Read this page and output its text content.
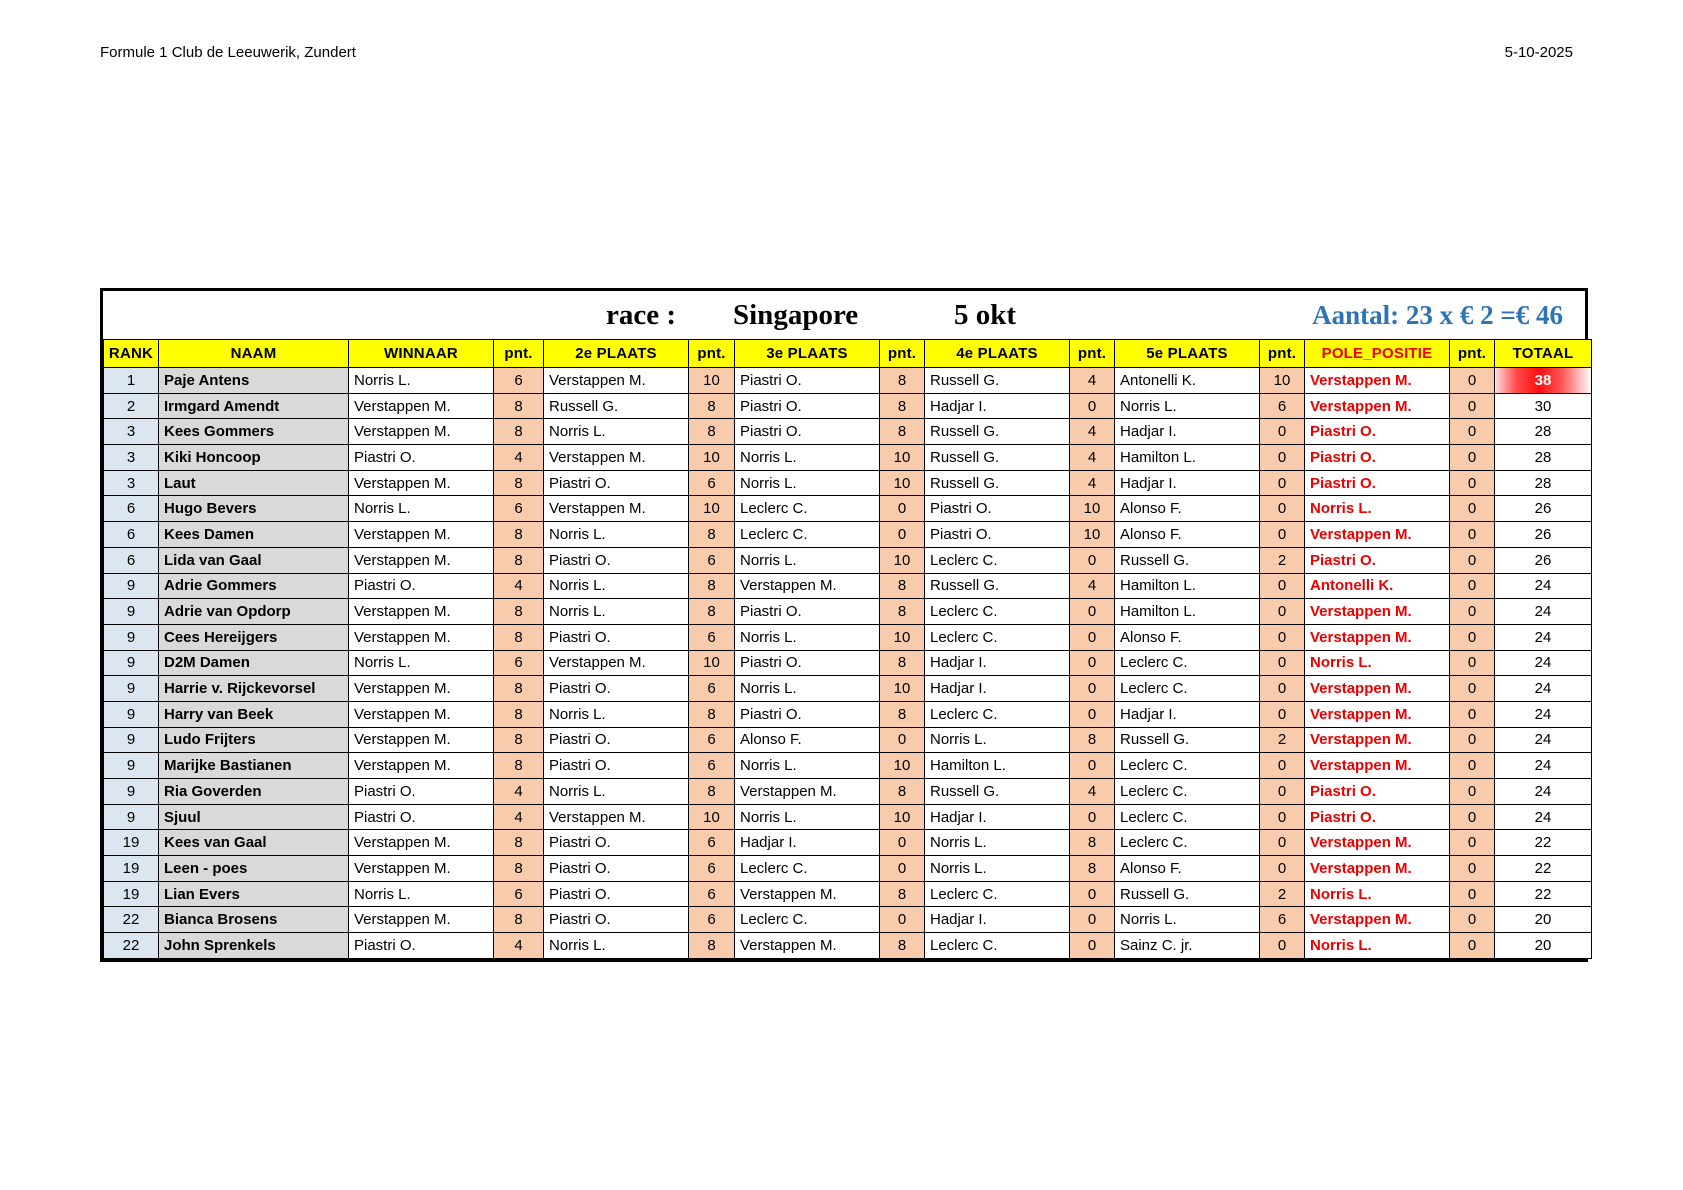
Formule 1 Club de Leeuwerik, Zundert	5-10-2025
race : Singapore	5 okt	Aantal: 23 x € 2 =€ 46
RANK	NAAM	WINNAAR	pnt.	2e PLAATS	pnt.	3e PLAATS	pnt.	4e PLAATS	pnt.	5e PLAATS	pnt.	POLE_POSITIE	pnt.	TOTAAL
1	Paje Antens	Norris L.	6	Verstappen M.	10	Piastri O.	8	Russell G.	4	Antonelli K.	10	Verstappen M.	0	38
2	Irmgard Amendt	Verstappen M.	8	Russell G.	8	Piastri O.	8	Hadjar I.	0	Norris L.	6	Verstappen M.	0	30
3	Kees Gommers	Verstappen M.	8	Norris L.	8	Piastri O.	8	Russell G.	4	Hadjar I.	0	Piastri O.	0	28
3	Kiki Honcoop	Piastri O.	4	Verstappen M.	10	Norris L.	10	Russell G.	4	Hamilton L.	0	Piastri O.	0	28
3	Laut	Verstappen M.	8	Piastri O.	6	Norris L.	10	Russell G.	4	Hadjar I.	0	Piastri O.	0	28
6	Hugo Bevers	Norris L.	6	Verstappen M.	10	Leclerc C.	0	Piastri O.	10	Alonso F.	0	Norris L.	0	26
6	Kees Damen	Verstappen M.	8	Norris L.	8	Leclerc C.	0	Piastri O.	10	Alonso F.	0	Verstappen M.	0	26
6	Lida van Gaal	Verstappen M.	8	Piastri O.	6	Norris L.	10	Leclerc C.	0	Russell G.	2	Piastri O.	0	26
9	Adrie Gommers	Piastri O.	4	Norris L.	8	Verstappen M.	8	Russell G.	4	Hamilton L.	0	Antonelli K.	0	24
9	Adrie van Opdorp	Verstappen M.	8	Norris L.	8	Piastri O.	8	Leclerc C.	0	Hamilton L.	0	Verstappen M.	0	24
9	Cees Hereijgers	Verstappen M.	8	Piastri O.	6	Norris L.	10	Leclerc C.	0	Alonso F.	0	Verstappen M.	0	24
9	D2M Damen	Norris L.	6	Verstappen M.	10	Piastri O.	8	Hadjar I.	0	Leclerc C.	0	Norris L.	0	24
9	Harrie v. Rijckevorsel	Verstappen M.	8	Piastri O.	6	Norris L.	10	Hadjar I.	0	Leclerc C.	0	Verstappen M.	0	24
9	Harry van Beek	Verstappen M.	8	Norris L.	8	Piastri O.	8	Leclerc C.	0	Hadjar I.	0	Verstappen M.	0	24
9	Ludo Frijters	Verstappen M.	8	Piastri O.	6	Alonso F.	0	Norris L.	8	Russell G.	2	Verstappen M.	0	24
9	Marijke Bastianen	Verstappen M.	8	Piastri O.	6	Norris L.	10	Hamilton L.	0	Leclerc C.	0	Verstappen M.	0	24
9	Ria Goverden	Piastri O.	4	Norris L.	8	Verstappen M.	8	Russell G.	4	Leclerc C.	0	Piastri O.	0	24
9	Sjuul	Piastri O.	4	Verstappen M.	10	Norris L.	10	Hadjar I.	0	Leclerc C.	0	Piastri O.	0	24
19	Kees van Gaal	Verstappen M.	8	Piastri O.	6	Hadjar I.	0	Norris L.	8	Leclerc C.	0	Verstappen M.	0	22
19	Leen - poes	Verstappen M.	8	Piastri O.	6	Leclerc C.	0	Norris L.	8	Alonso F.	0	Verstappen M.	0	22
19	Lian Evers	Norris L.	6	Piastri O.	6	Verstappen M.	8	Leclerc C.	0	Russell G.	2	Norris L.	0	22
22	Bianca Brosens	Verstappen M.	8	Piastri O.	6	Leclerc C.	0	Hadjar I.	0	Norris L.	6	Verstappen M.	0	20
22	John Sprenkels	Piastri O.	4	Norris L.	8	Verstappen M.	8	Leclerc C.	0	Sainz C. jr.	0	Norris L.	0	20
